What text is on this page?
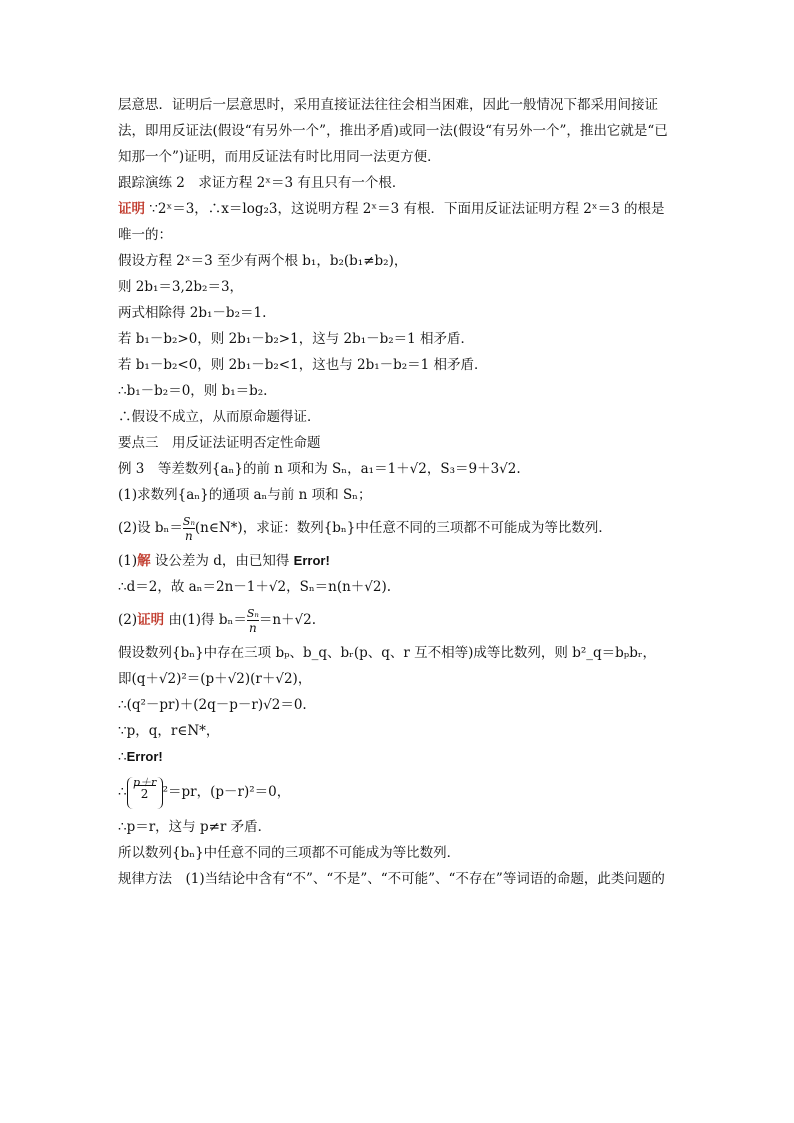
层意思．证明后一层意思时，采用直接证法往往会相当困难，因此一般情况下都采用间接证
法，即用反证法(假设“有另外一个”，推出矛盾)或同一法(假设“有另外一个”，推出它就是“已
知那一个”)证明，而用反证法有时比用同一法更方便．
跟踪演练 2　求证方程 2ˣ＝3 有且只有一个根．
证明 ∵2ˣ＝3，∴x＝log₂3，这说明方程 2ˣ＝3 有根．下面用反证法证明方程 2ˣ＝3 的根是
唯一的：
假设方程 2ˣ＝3 至少有两个根 b₁，b₂(b₁≠b₂)，
则 2b₁＝3,2b₂＝3，
两式相除得 2b₁－b₂＝1.
若 b₁－b₂>0，则 2b₁－b₂>1，这与 2b₁－b₂＝1 相矛盾．
若 b₁－b₂<0，则 2b₁－b₂<1，这也与 2b₁－b₂＝1 相矛盾．
∴b₁－b₂＝0，则 b₁＝b₂.
∴假设不成立，从而原命题得证．
要点三　用反证法证明否定性命题
例 3　等差数列{aₙ}的前 n 项和为 Sₙ，a₁＝1＋√2，S₃＝9＋3√2.
(1)求数列{aₙ}的通项 aₙ与前 n 项和 Sₙ；
(2)设 $b_n= \frac{\text{Sₙ}}{n}$ (n∈N*)，求证：数列{bₙ}中任意不同的三项都不可能成为等比数列．
(1)解 设公差为 d，由已知得 Error!
∴d＝2，故 aₙ＝2n－1＋√2，Sₙ＝n(n＋√2).
(2)证明 由(1)得 $b_n= \frac{\text{Sₙ}}{n} =n+√2$.
假设数列{bₙ}中存在三项 bₚ、b_q、bᵣ(p、q、r 互不相等)成等比数列，则 b²_q＝bₚbᵣ，
即(q＋√2)²＝(p＋√2)(r＋√2)，
∴(q²－pr)＋(2q－p－r)√2＝0.
∵p，q，r∈N*，
∴Error!
∴
p＋r
2	²＝pr，(p－r)²＝0，
∴p＝r，这与 p≠r 矛盾．
所以数列{bₙ}中任意不同的三项都不可能成为等比数列．
规律方法　(1)当结论中含有“不”、“不是”、“不可能”、“不存在”等词语的命题，此类问题的
